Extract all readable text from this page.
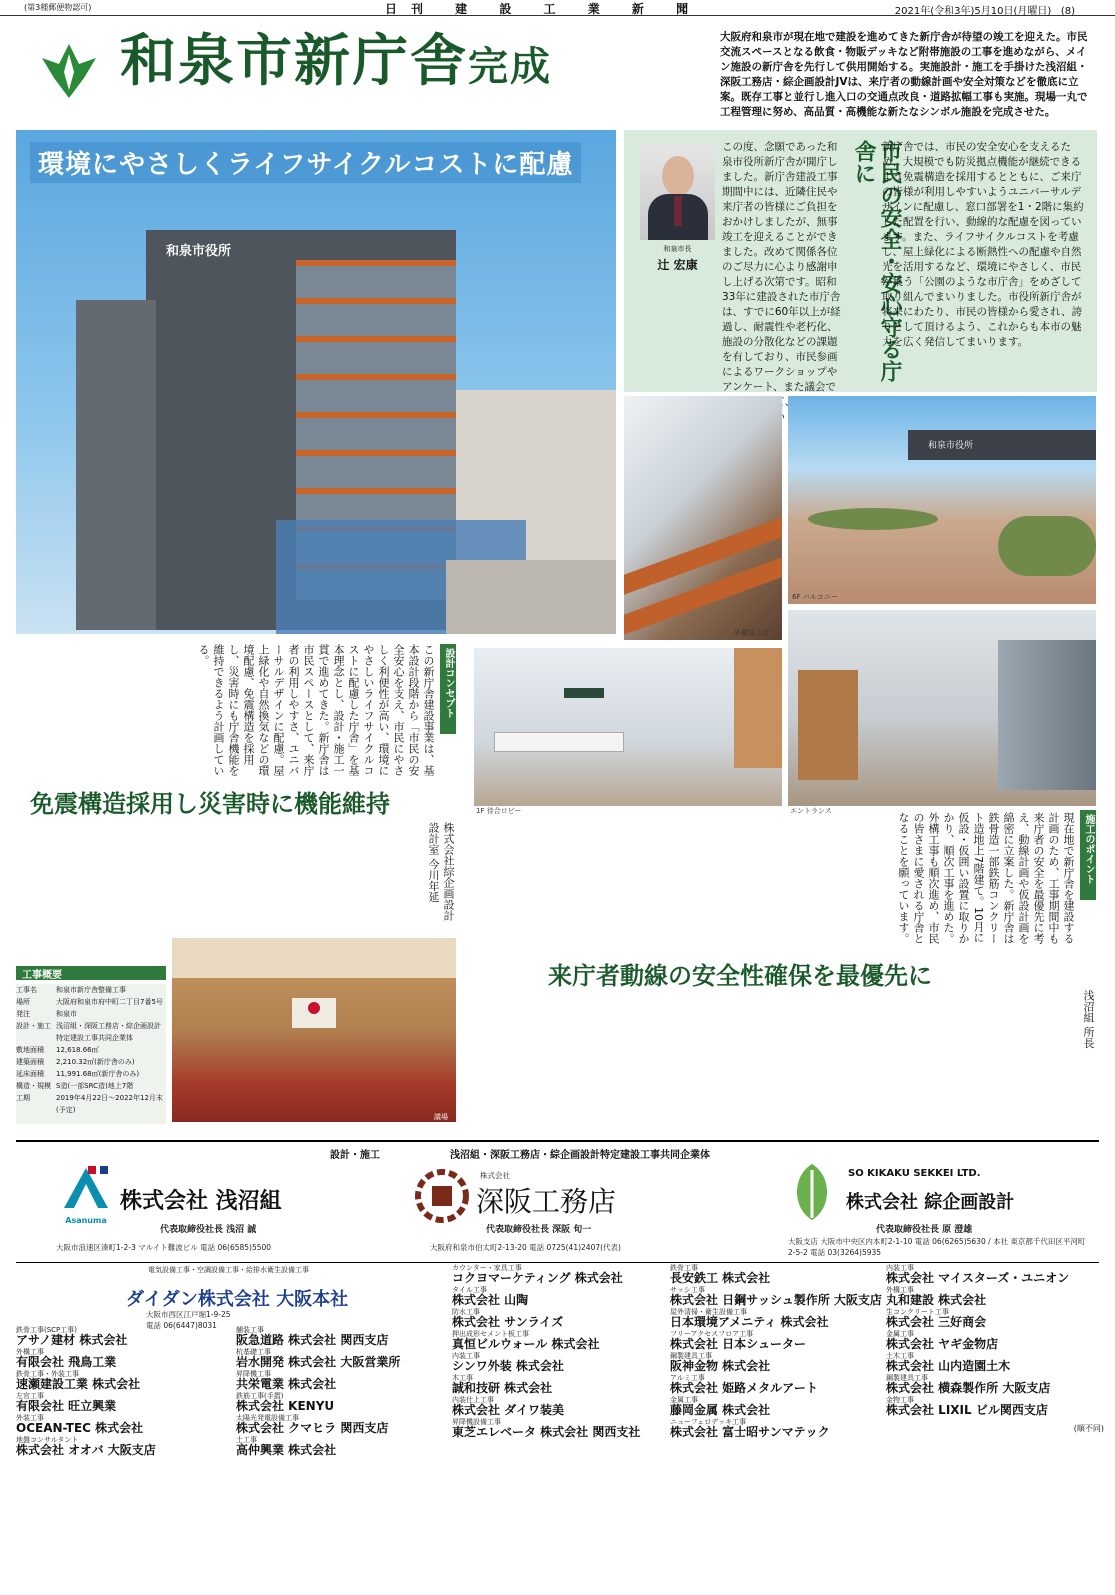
(第3種郵便物認可)	日刊 建 設 工 業 新 聞	2021年(令和3年)5月10日(月曜日) (8)
和泉市新庁舎完成
大阪府和泉市が現在地で建設を進めてきた新庁舎が待望の竣工を迎えた。市民交流スペースとなる飲食・物販デッキなど附帯施設の工事を進めながら、メイン施設の新庁舎を先行して供用開始する。実施設計・施工を手掛けた浅沼組・深阪工務店・綜企画設計JVは、来庁者の動線計画や安全対策などを徹底に立案。既存工事と並行し進入口の交通点改良・道路拡幅工事も実施。現場一丸で工程管理に努め、高品質・高機能な新たなシンボル施設を完成させた。
和泉市役所
環境にやさしくライフサイクルコストに配慮
和泉市長
辻 宏康	市民の安全・安心守る庁舎に
この度、念願であった和泉市役所新庁舎が開庁しました。新庁舎建設工事期間中には、近隣住民や来庁者の皆様にご負担をおかけしましたが、無事竣工を迎えることができました。改めて関係各位のご尽力に心より感謝申し上げる次第です。昭和33年に建設された市庁舎は、すでに60年以上が経過し、耐震性や老朽化、施設の分散化などの課題を有しており、市民参画によるワークショップやアンケート、また議会で 経て、検 いり
新庁舎では、市民の安全安心を支えるため、大規模でも防災拠点機能が継続できるよう免震構造を採用するとともに、ご来庁の皆様が利用しやすいようユニバーサルデザインに配慮し、窓口部署を1・2階に集約した配置を行い、動線的な配慮を図っています。また、ライフサイクルコストを考慮し、屋上緑化による断熱性への配慮や自然光を活用するなど、環境にやさしく、市民が集う「公園のような市庁舎」をめざして取り組んでまいりました。市役所新庁舎が将来にわたり、市民の皆様から愛され、誇りとして頂けるよう、これからも本市の魅力を広く発信してまいります。
外観見上げ
和泉市役所
6F バルコニー
1F 待合ロビー	エントランス
設計コンセプト
この新庁舎建設事業は、基本設計段階から「市民の安全安心を支え、市民にやさしく利便性が高い、環境にやさしいライフサイクルコストに配慮した庁舎」を基本理念とし、設計・施工一貫で進めてきた。新庁舎は市民スペースとして、来庁者の利用しやすさ、ユニバーサルデザインに配慮。屋上緑化や自然換気などの環境配慮、免震構造を採用し、災害時にも庁舎機能を維持できるよう計画している。
免震構造採用し災害時に機能維持
株式会社綜企画設計 設計室 今川年延
議場
工事概要
工事名	和泉市新庁舎整備工事
場所	大阪府和泉市府中町二丁目7番5号
発注	和泉市
設計・施工 浅沼組・深阪工務店・綜企画設計特定建設工事共同企業体
敷地面積	12,618.66㎡
建築面積	2,210.32㎡(新庁舎のみ)
延床面積	11,991.68㎡(新庁舎のみ)
構造・規模 S造(一部SRC造)地上7階
工期	2019年4月22日〜2022年12月末(予定)
施工のポイント
現在地で新庁舎を建設する計画のため、工事期間中も来庁者の安全を最優先に考え、動線計画や仮設計画を綿密に立案した。新庁舎は鉄骨造一部鉄筋コンクリート造地上7階建て。10月に仮設・仮囲い設置に取りかかり、順次工事を進めた。外構工事も順次進め、市民の皆さまに愛される庁舎となることを願っています。
来庁者動線の安全性確保を最優先に
浅沼組 所長
設計・施工	浅沼組・深阪工務店・綜企画設計特定建設工事共同企業体
Asanuma
株式会社 浅沼組
代表取締役社長 浅沼 誠
大阪市浪速区湊町1-2-3 マルイト難波ビル 電話 06(6585)5500
株式会社
深阪工務店
代表取締役社長 深阪 旬一
大阪府和泉市伯太町2-13-20 電話 0725(41)2407(代表)
SO KIKAKU SEKKEI LTD.
株式会社 綜企画設計
代表取締役社長 原 澄雄
大阪支店 大阪市中央区内本町2-1-10 電話 06(6265)5630 / 本社 東京都千代田区平河町2-5-2 電話 03(3264)5935
電気設備工事・空調設備工事・給排水衛生設備工事
ダイダン株式会社 大阪本社
大阪市西区江戸堀1-9-25 電話 06(6447)8031
鉄骨工事(SCP工事)
アサノ建材 株式会社
外構工事
有限会社 飛鳥工業
鉄骨工事・外装工事
速瀬建設工業 株式会社
左官工事
有限会社 旺立興業
外装工事
OCEAN-TEC 株式会社
地盤コンサルタント
株式会社 オオバ 大阪支店
舗装工事
阪急道路 株式会社 関西支店
杭基礎工事
岩水開発 株式会社 大阪営業所
昇降機工事
共栄電業 株式会社
鉄筋工事(手摺)
株式会社 KENYU
太陽光発電設備工事
株式会社 クマヒラ 関西支店
土工事
高仲興業 株式会社
カウンター・家具工事
コクヨマーケティング 株式会社
タイル工事
株式会社 山陶
防水工事
株式会社 サンライズ
押出成形セメント板工事
真恒ビルウォール 株式会社
内装工事
シンワ外装 株式会社
木工事
誠和技研 株式会社
内装仕上工事
株式会社 ダイワ装美
昇降機設備工事
東芝エレベータ 株式会社 関西支社
鉄骨工事
長安鉄工 株式会社
サッシ工事
株式会社 日鋼サッシュ製作所 大阪支店
屋外清掃・衛生設備工事
日本環境アメニティ 株式会社
フリーアクセスフロア工事
株式会社 日本シューター
鋼製建具工事
阪神金物 株式会社
アルミ工事
株式会社 姫路メタルアート
金属工事
藤岡金属 株式会社
ニューフェロデッキ工事
株式会社 富士昭サンマテック
内装工事
株式会社 マイスターズ・ユニオン
外構工事
丸和建設 株式会社
生コンクリート工事
株式会社 三好商会
金属工事
株式会社 ヤギ金物店
土木工事
株式会社 山内造園土木
鋼製建具工事
株式会社 横森製作所 大阪支店
金物工事
株式会社 LIXIL ビル関西支店
(順不同)
